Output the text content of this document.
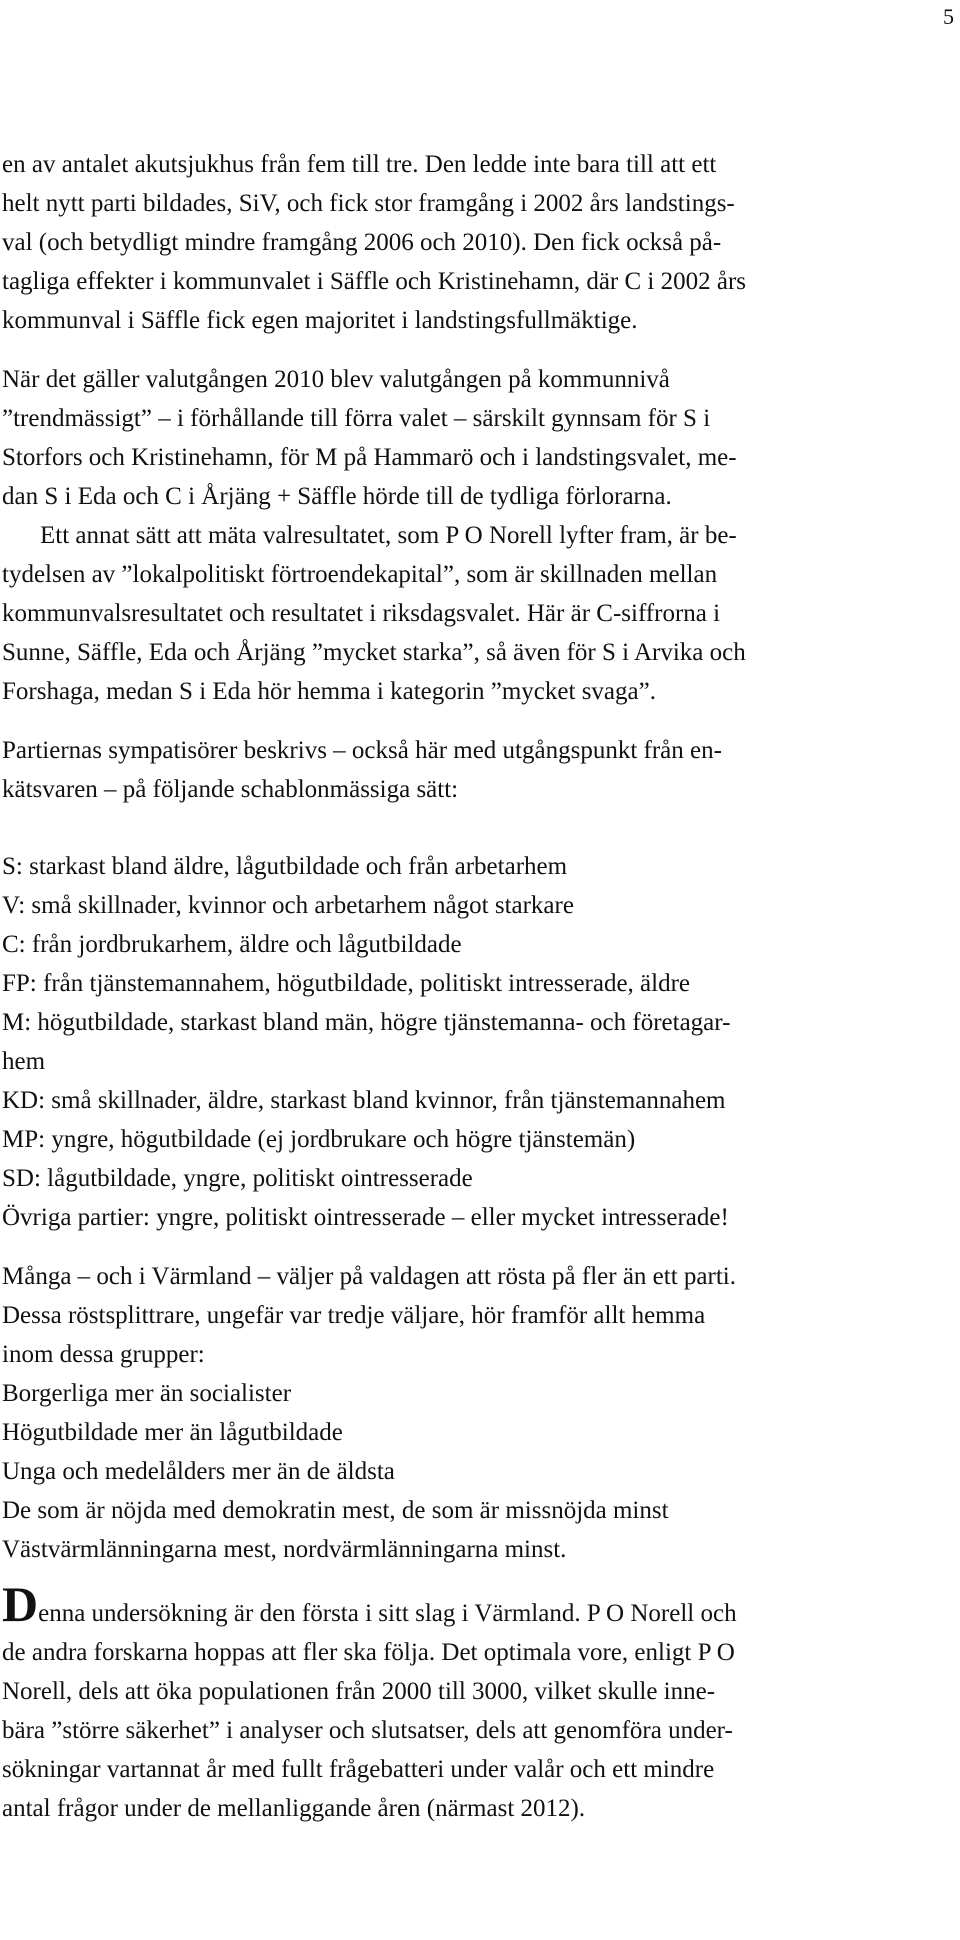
5
en av antalet akutsjukhus från fem till tre. Den ledde inte bara till att ett
helt nytt parti bildades, SiV, och fick stor framgång i 2002 års landstings-
val (och betydligt mindre framgång 2006 och 2010). Den fick också på-
tagliga effekter i kommunvalet i Säffle och Kristinehamn, där C i 2002 års
kommunval i Säffle fick egen majoritet i landstingsfullmäktige.
När det gäller valutgången 2010 blev valutgången på kommunnivå
”trendmässigt” – i förhållande till förra valet – särskilt gynnsam för S i
Storfors och Kristinehamn, för M på Hammarö och i landstingsvalet, me-
dan S i Eda och C i Årjäng + Säffle hörde till de tydliga förlorarna.
Ett annat sätt att mäta valresultatet, som P O Norell lyfter fram, är be-
tydelsen av ”lokalpolitiskt förtroendekapital”, som är skillnaden mellan
kommunvalsresultatet och resultatet i riksdagsvalet. Här är C-siffrorna i
Sunne, Säffle, Eda och Årjäng ”mycket starka”, så även för S i Arvika och
Forshaga, medan S i Eda hör hemma i kategorin ”mycket svaga”.
Partiernas sympatisörer beskrivs – också här med utgångspunkt från en-
kätsvaren – på följande schablonmässiga sätt:
S: starkast bland äldre, lågutbildade och från arbetarhem
V: små skillnader, kvinnor och arbetarhem något starkare
C: från jordbrukarhem, äldre och lågutbildade
FP: från tjänstemannahem, högutbildade, politiskt intresserade, äldre
M: högutbildade, starkast bland män, högre tjänstemanna- och företagar-
hem
KD: små skillnader, äldre, starkast bland kvinnor, från tjänstemannahem
MP: yngre, högutbildade (ej jordbrukare och högre tjänstemän)
SD: lågutbildade, yngre, politiskt ointresserade
Övriga partier: yngre, politiskt ointresserade – eller mycket intresserade!
Många – och i Värmland – väljer på valdagen att rösta på fler än ett parti.
Dessa röstsplittrare, ungefär var tredje väljare, hör framför allt hemma
inom dessa grupper:
Borgerliga mer än socialister
Högutbildade mer än lågutbildade
Unga och medelålders mer än de äldsta
De som är nöjda med demokratin mest, de som är missnöjda minst
Västvärmlänningarna mest, nordvärmlänningarna minst.
Denna undersökning är den första i sitt slag i Värmland. P O Norell och
de andra forskarna hoppas att fler ska följa. Det optimala vore, enligt P O
Norell, dels att öka populationen från 2000 till 3000, vilket skulle inne-
bära ”större säkerhet” i analyser och slutsatser, dels att genomföra under-
sökningar vartannat år med fullt frågebatteri under valår och ett mindre
antal frågor under de mellanliggande åren (närmast 2012).
